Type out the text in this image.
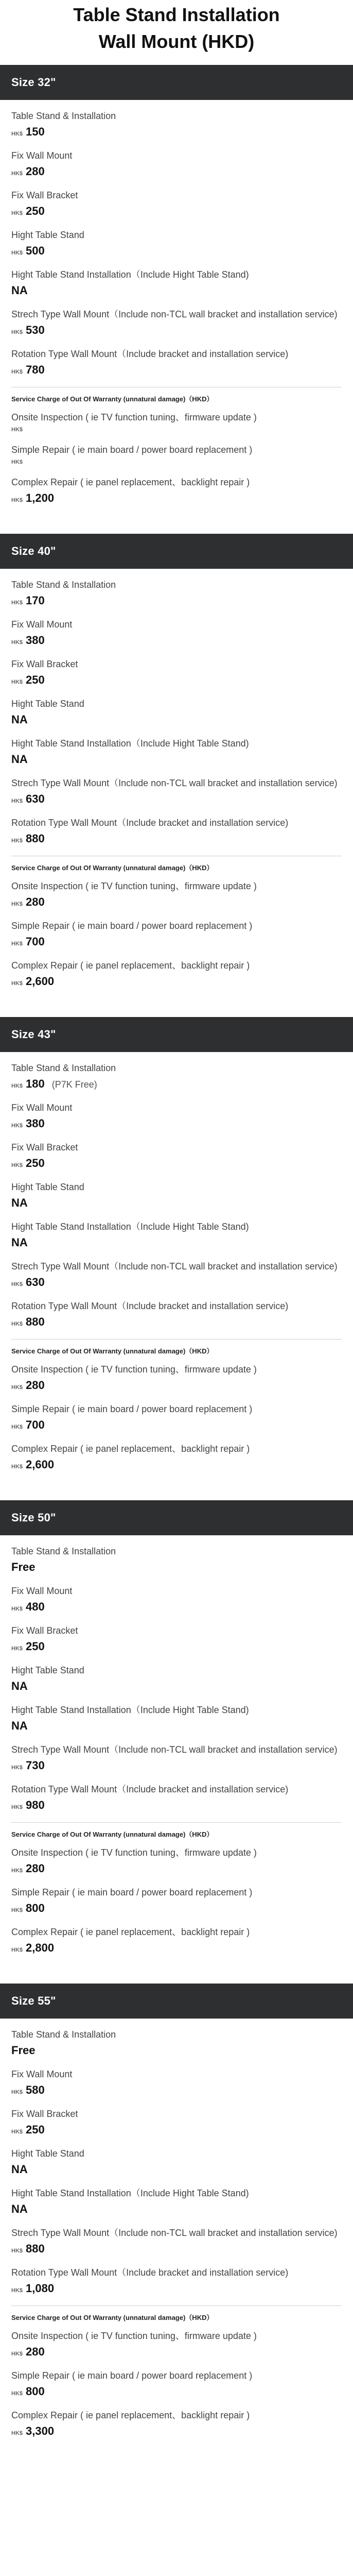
Table Stand Installation
Wall Mount (HKD)
Size 32"
Table Stand & Installation
HK$ 150
Fix Wall Mount
HK$ 280
Fix Wall Bracket
HK$ 250
Hight Table Stand
HK$ 500
Hight Table Stand Installation（Include Hight Table Stand)
NA
Strech Type Wall Mount（Include non-TCL wall bracket and installation service)
HK$ 530
Rotation Type Wall Mount（Include bracket and installation service)
HK$ 780
Service Charge of Out Of Warranty (unnatural damage)（HKD）
Onsite Inspection ( ie TV function tuning、firmware update )
HK$
Simple Repair ( ie main board / power board replacement )
HK$
Complex Repair ( ie panel replacement、backlight repair )
HK$ 1,200
Size 40"
Table Stand & Installation
HK$ 170
Fix Wall Mount
HK$ 380
Fix Wall Bracket
HK$ 250
Hight Table Stand
NA
Hight Table Stand Installation（Include Hight Table Stand)
NA
Strech Type Wall Mount（Include non-TCL wall bracket and installation service)
HK$ 630
Rotation Type Wall Mount（Include bracket and installation service)
HK$ 880
Service Charge of Out Of Warranty (unnatural damage)（HKD）
Onsite Inspection ( ie TV function tuning、firmware update )
HK$ 280
Simple Repair ( ie main board / power board replacement )
HK$ 700
Complex Repair ( ie panel replacement、backlight repair )
HK$ 2,600
Size 43"
Table Stand & Installation
HK$ 180 (P7K Free)
Fix Wall Mount
HK$ 380
Fix Wall Bracket
HK$ 250
Hight Table Stand
NA
Hight Table Stand Installation（Include Hight Table Stand)
NA
Strech Type Wall Mount（Include non-TCL wall bracket and installation service)
HK$ 630
Rotation Type Wall Mount（Include bracket and installation service)
HK$ 880
Service Charge of Out Of Warranty (unnatural damage)（HKD）
Onsite Inspection ( ie TV function tuning、firmware update )
HK$ 280
Simple Repair ( ie main board / power board replacement )
HK$ 700
Complex Repair ( ie panel replacement、backlight repair )
HK$ 2,600
Size 50"
Table Stand & Installation
Free
Fix Wall Mount
HK$ 480
Fix Wall Bracket
HK$ 250
Hight Table Stand
NA
Hight Table Stand Installation（Include Hight Table Stand)
NA
Strech Type Wall Mount（Include non-TCL wall bracket and installation service)
HK$ 730
Rotation Type Wall Mount（Include bracket and installation service)
HK$ 980
Service Charge of Out Of Warranty (unnatural damage)（HKD）
Onsite Inspection ( ie TV function tuning、firmware update )
HK$ 280
Simple Repair ( ie main board / power board replacement )
HK$ 800
Complex Repair ( ie panel replacement、backlight repair )
HK$ 2,800
Size 55"
Table Stand & Installation
Free
Fix Wall Mount
HK$ 580
Fix Wall Bracket
HK$ 250
Hight Table Stand
NA
Hight Table Stand Installation（Include Hight Table Stand)
NA
Strech Type Wall Mount（Include non-TCL wall bracket and installation service)
HK$ 880
Rotation Type Wall Mount（Include bracket and installation service)
HK$ 1,080
Service Charge of Out Of Warranty (unnatural damage)（HKD）
Onsite Inspection ( ie TV function tuning、firmware update )
HK$ 280
Simple Repair ( ie main board / power board replacement )
HK$ 800
Complex Repair ( ie panel replacement、backlight repair )
HK$ 3,300
